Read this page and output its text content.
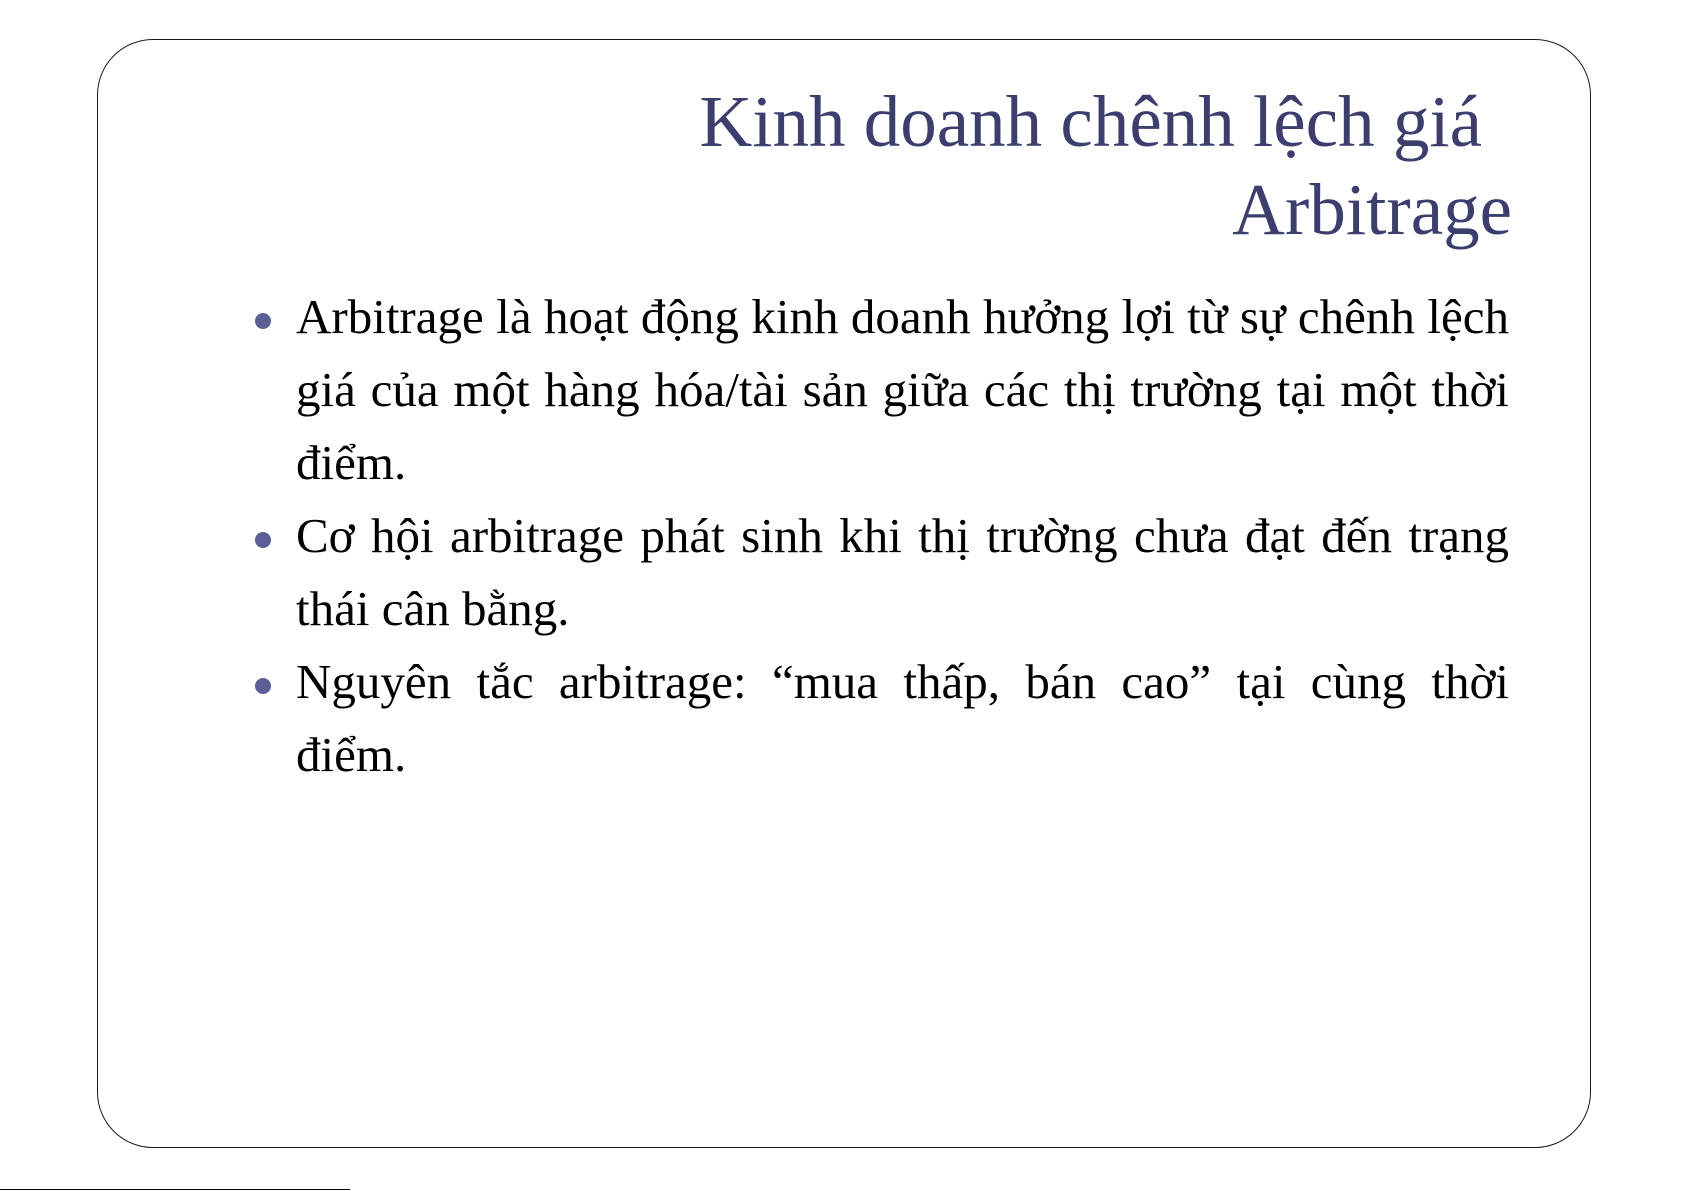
Kinh doanh chênh lệch giá
Arbitrage
Arbitrage là hoạt động kinh doanh hưởng lợi từ sự chênh lệch giá của một hàng hóa/tài sản giữa các thị trường tại một thời điểm.
Cơ hội arbitrage phát sinh khi thị trường chưa đạt đến trạng thái cân bằng.
Nguyên tắc arbitrage: “mua thấp, bán cao” tại cùng thời điểm.
